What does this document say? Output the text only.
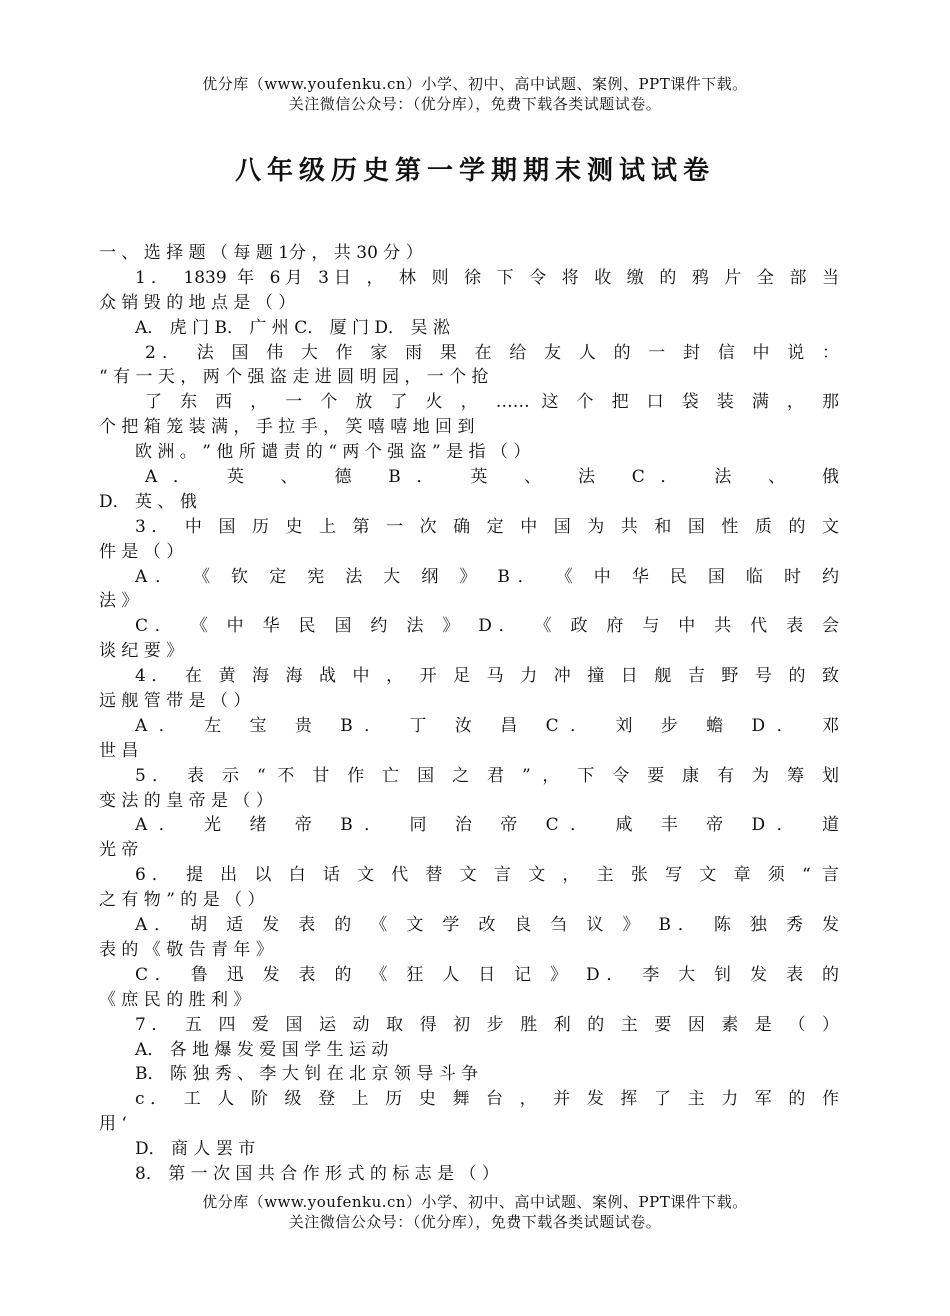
优分库（www.youfenku.cn）小学、初中、高中试题、案例、PPT课件下载。
关注微信公众号：（优分库），免费下载各类试题试卷。
八年级历史第一学期期末测试试卷
一 、 选 择 题 （ 每 题 1分 ， 共 30 分 ）
1． 1839 年 6月 3日 ， 林 则 徐 下 令 将 收 缴 的 鸦 片 全 部 当
众 销 毁 的 地 点 是 （ ）
A． 虎 门 B． 广 州 C． 厦 门 D． 吴 淞
2． 法 国 伟 大 作 家 雨 果 在 给 友 人 的 一 封 信 中 说 ：
“ 有 一 天 ， 两 个 强 盗 走 进 圆 明 园 ， 一 个 抢
了 东 西 ， 一 个 放 了 火 ， …… 这 个 把 口 袋 装 满 ， 那
个 把 箱 笼 装 满 ， 手 拉 手 ， 笑 嘻 嘻 地 回 到
欧 洲 。 ” 他 所 谴 责 的 “ 两 个 强 盗 ” 是 指 （ ）
A． 英 、 德 B． 英 、 法 C． 法 、 俄
D． 英 、 俄
3． 中 国 历 史 上 第 一 次 确 定 中 国 为 共 和 国 性 质 的 文
件 是 （ ）
A． 《 钦 定 宪 法 大 纲 》 B． 《 中 华 民 国 临 时 约
法 》
C． 《 中 华 民 国 约 法 》 D． 《 政 府 与 中 共 代 表 会
谈 纪 要 》
4． 在 黄 海 海 战 中 ， 开 足 马 力 冲 撞 日 舰 吉 野 号 的 致
远 舰 管 带 是 （ ）
A． 左 宝 贵 B． 丁 汝 昌 C． 刘 步 蟾 D． 邓
世 昌
5． 表 示 “ 不 甘 作 亡 国 之 君 ” ， 下 令 要 康 有 为 筹 划
变 法 的 皇 帝 是 （ ）
A． 光 绪 帝 B． 同 治 帝 C． 咸 丰 帝 D． 道
光 帝
6． 提 出 以 白 话 文 代 替 文 言 文 ， 主 张 写 文 章 须 “ 言
之 有 物 ” 的 是 （ ）
A． 胡 适 发 表 的 《 文 学 改 良 刍 议 》 B． 陈 独 秀 发
表 的 《 敬 告 青 年 》
C． 鲁 迅 发 表 的 《 狂 人 日 记 》 D． 李 大 钊 发 表 的
《 庶 民 的 胜 利 》
7． 五 四 爱 国 运 动 取 得 初 步 胜 利 的 主 要 因 素 是 （ ）
A． 各 地 爆 发 爱 国 学 生 运 动
B． 陈 独 秀 、 李 大 钊 在 北 京 领 导 斗 争
c． 工 人 阶 级 登 上 历 史 舞 台 ， 并 发 挥 了 主 力 军 的 作
用 ‘
D． 商 人 罢 市
8． 第 一 次 国 共 合 作 形 式 的 标 志 是 （ ）
优分库（www.youfenku.cn）小学、初中、高中试题、案例、PPT课件下载。
关注微信公众号：（优分库），免费下载各类试题试卷。
